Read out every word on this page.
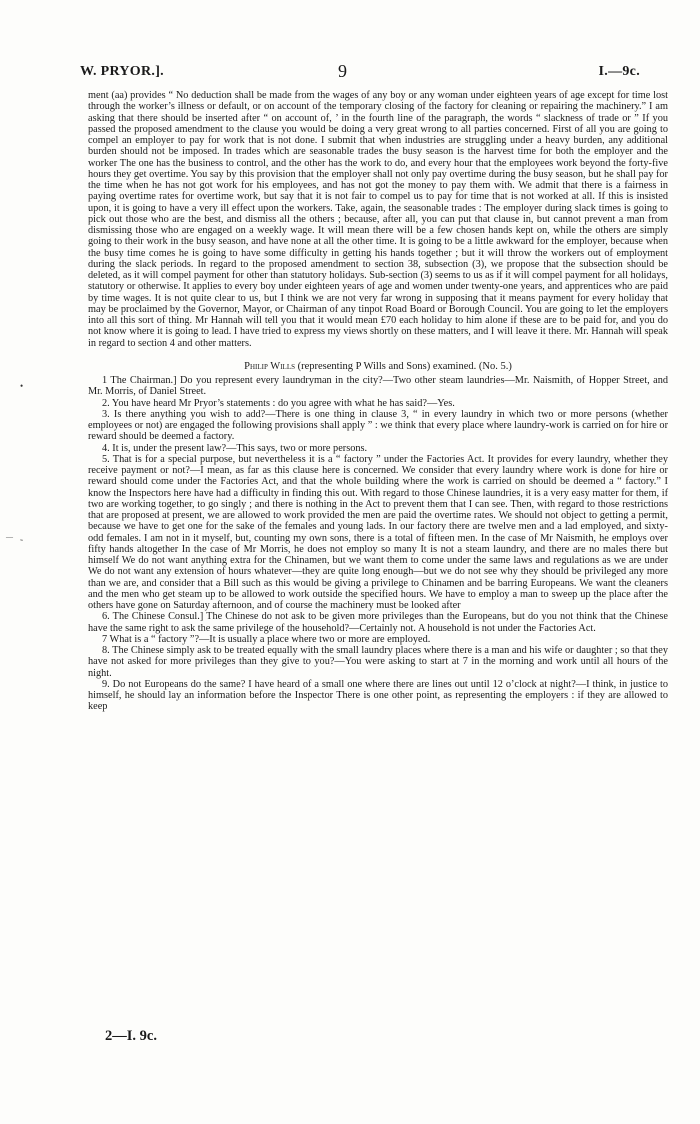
W. PRYOR.].	9	I.—9c.
•
—
˜

ment (aa) provides “ No deduction shall be made from the wages of any boy or any woman under eighteen years of age except for time lost through the worker’s illness or default, or on account of the temporary closing of the factory for cleaning or repairing the machinery.” I am asking that there should be inserted after “ on account of, ’ in the fourth line of the paragraph, the words “ slackness of trade or ” If you passed the proposed amendment to the clause you would be doing a very great wrong to all parties concerned. First of all you are going to compel an employer to pay for work that is not done. I submit that when industries are struggling under a heavy burden, any additional burden should not be imposed. In trades which are seasonable trades the busy season is the harvest time for both the employer and the worker The one has the business to control, and the other has the work to do, and every hour that the employees work beyond the forty-five hours they get overtime. You say by this provision that the employer shall not only pay overtime during the busy season, but he shall pay for the time when he has not got work for his employees, and has not got the money to pay them with. We admit that there is a fairness in paying overtime rates for overtime work, but say that it is not fair to compel us to pay for time that is not worked at all. If this is insisted upon, it is going to have a very ill effect upon the workers. Take, again, the seasonable trades : The employer during slack times is going to pick out those who are the best, and dismiss all the others ; because, after all, you can put that clause in, but cannot prevent a man from dismissing those who are engaged on a weekly wage. It will mean there will be a few chosen hands kept on, while the others are simply going to their work in the busy season, and have none at all the other time. It is going to be a little awkward for the employer, because when the busy time comes he is going to have some difficulty in getting his hands together ; but it will throw the workers out of employment during the slack periods. In regard to the proposed amendment to section 38, subsection (3), we propose that the subsection should be deleted, as it will compel payment for other than statutory holidays. Sub-section (3) seems to us as if it will compel payment for all holidays, statutory or otherwise. It applies to every boy under eighteen years of age and women under twenty-one years, and apprentices who are paid by time wages. It is not quite clear to us, but I think we are not very far wrong in supposing that it means payment for every holiday that may be proclaimed by the Governor, Mayor, or Chairman of any tinpot Road Board or Borough Council. You are going to let the employers into all this sort of thing. Mr Hannah will tell you that it would mean £70 each holiday to him alone if these are to be paid for, and you do not know where it is going to lead. I have tried to express my views shortly on these matters, and I will leave it there. Mr. Hannah will speak in regard to section 4 and other matters.

Philip Wills (representing P Wills and Sons) examined. (No. 5.)

1 The Chairman.] Do you represent every laundryman in the city?—Two other steam laundries—Mr. Naismith, of Hopper Street, and Mr. Morris, of Daniel Street.

2. You have heard Mr Pryor’s statements : do you agree with what he has said?—Yes.

3. Is there anything you wish to add?—There is one thing in clause 3, “ in every laundry in which two or more persons (whether employees or not) are engaged the following provisions shall apply ” : we think that every place where laundry-work is carried on for hire or reward should be deemed a factory.

4. It is, under the present law?—This says, two or more persons.

5. That is for a special purpose, but nevertheless it is a “ factory ” under the Factories Act. It provides for every laundry, whether they receive payment or not?—I mean, as far as this clause here is concerned. We consider that every laundry where work is done for hire or reward should come under the Factories Act, and that the whole building where the work is carried on should be deemed a “ factory.” I know the Inspectors here have had a difficulty in finding this out. With regard to those Chinese laundries, it is a very easy matter for them, if two are working together, to go singly ; and there is nothing in the Act to prevent them that I can see. Then, with regard to those restrictions that are proposed at present, we are allowed to work provided the men are paid the overtime rates. We should not object to getting a permit, because we have to get one for the sake of the females and young lads. In our factory there are twelve men and a lad employed, and sixty-odd females. I am not in it myself, but, counting my own sons, there is a total of fifteen men. In the case of Mr Naismith, he employs over fifty hands altogether In the case of Mr Morris, he does not employ so many It is not a steam laundry, and there are no males there but himself We do not want anything extra for the Chinamen, but we want them to come under the same laws and regulations as we are under We do not want any extension of hours whatever—they are quite long enough—but we do not see why they should be privileged any more than we are, and consider that a Bill such as this would be giving a privilege to Chinamen and be barring Europeans. We want the cleaners and the men who get steam up to be allowed to work outside the specified hours. We have to employ a man to sweep up the place after the others have gone on Saturday afternoon, and of course the machinery must be looked after

6. The Chinese Consul.] The Chinese do not ask to be given more privileges than the Europeans, but do you not think that the Chinese have the same right to ask the same privilege of the household?—Certainly not. A household is not under the Factories Act.

7 What is a “ factory ”?—It is usually a place where two or more are employed.

8. The Chinese simply ask to be treated equally with the small laundry places where there is a man and his wife or daughter ; so that they have not asked for more privileges than they give to you?—You were asking to start at 7 in the morning and work until all hours of the night.

9. Do not Europeans do the same? I have heard of a small one where there are lines out until 12 o’clock at night?—I think, in justice to himself, he should lay an information before the Inspector There is one other point, as representing the employers : if they are allowed to keep

2—I. 9c.
